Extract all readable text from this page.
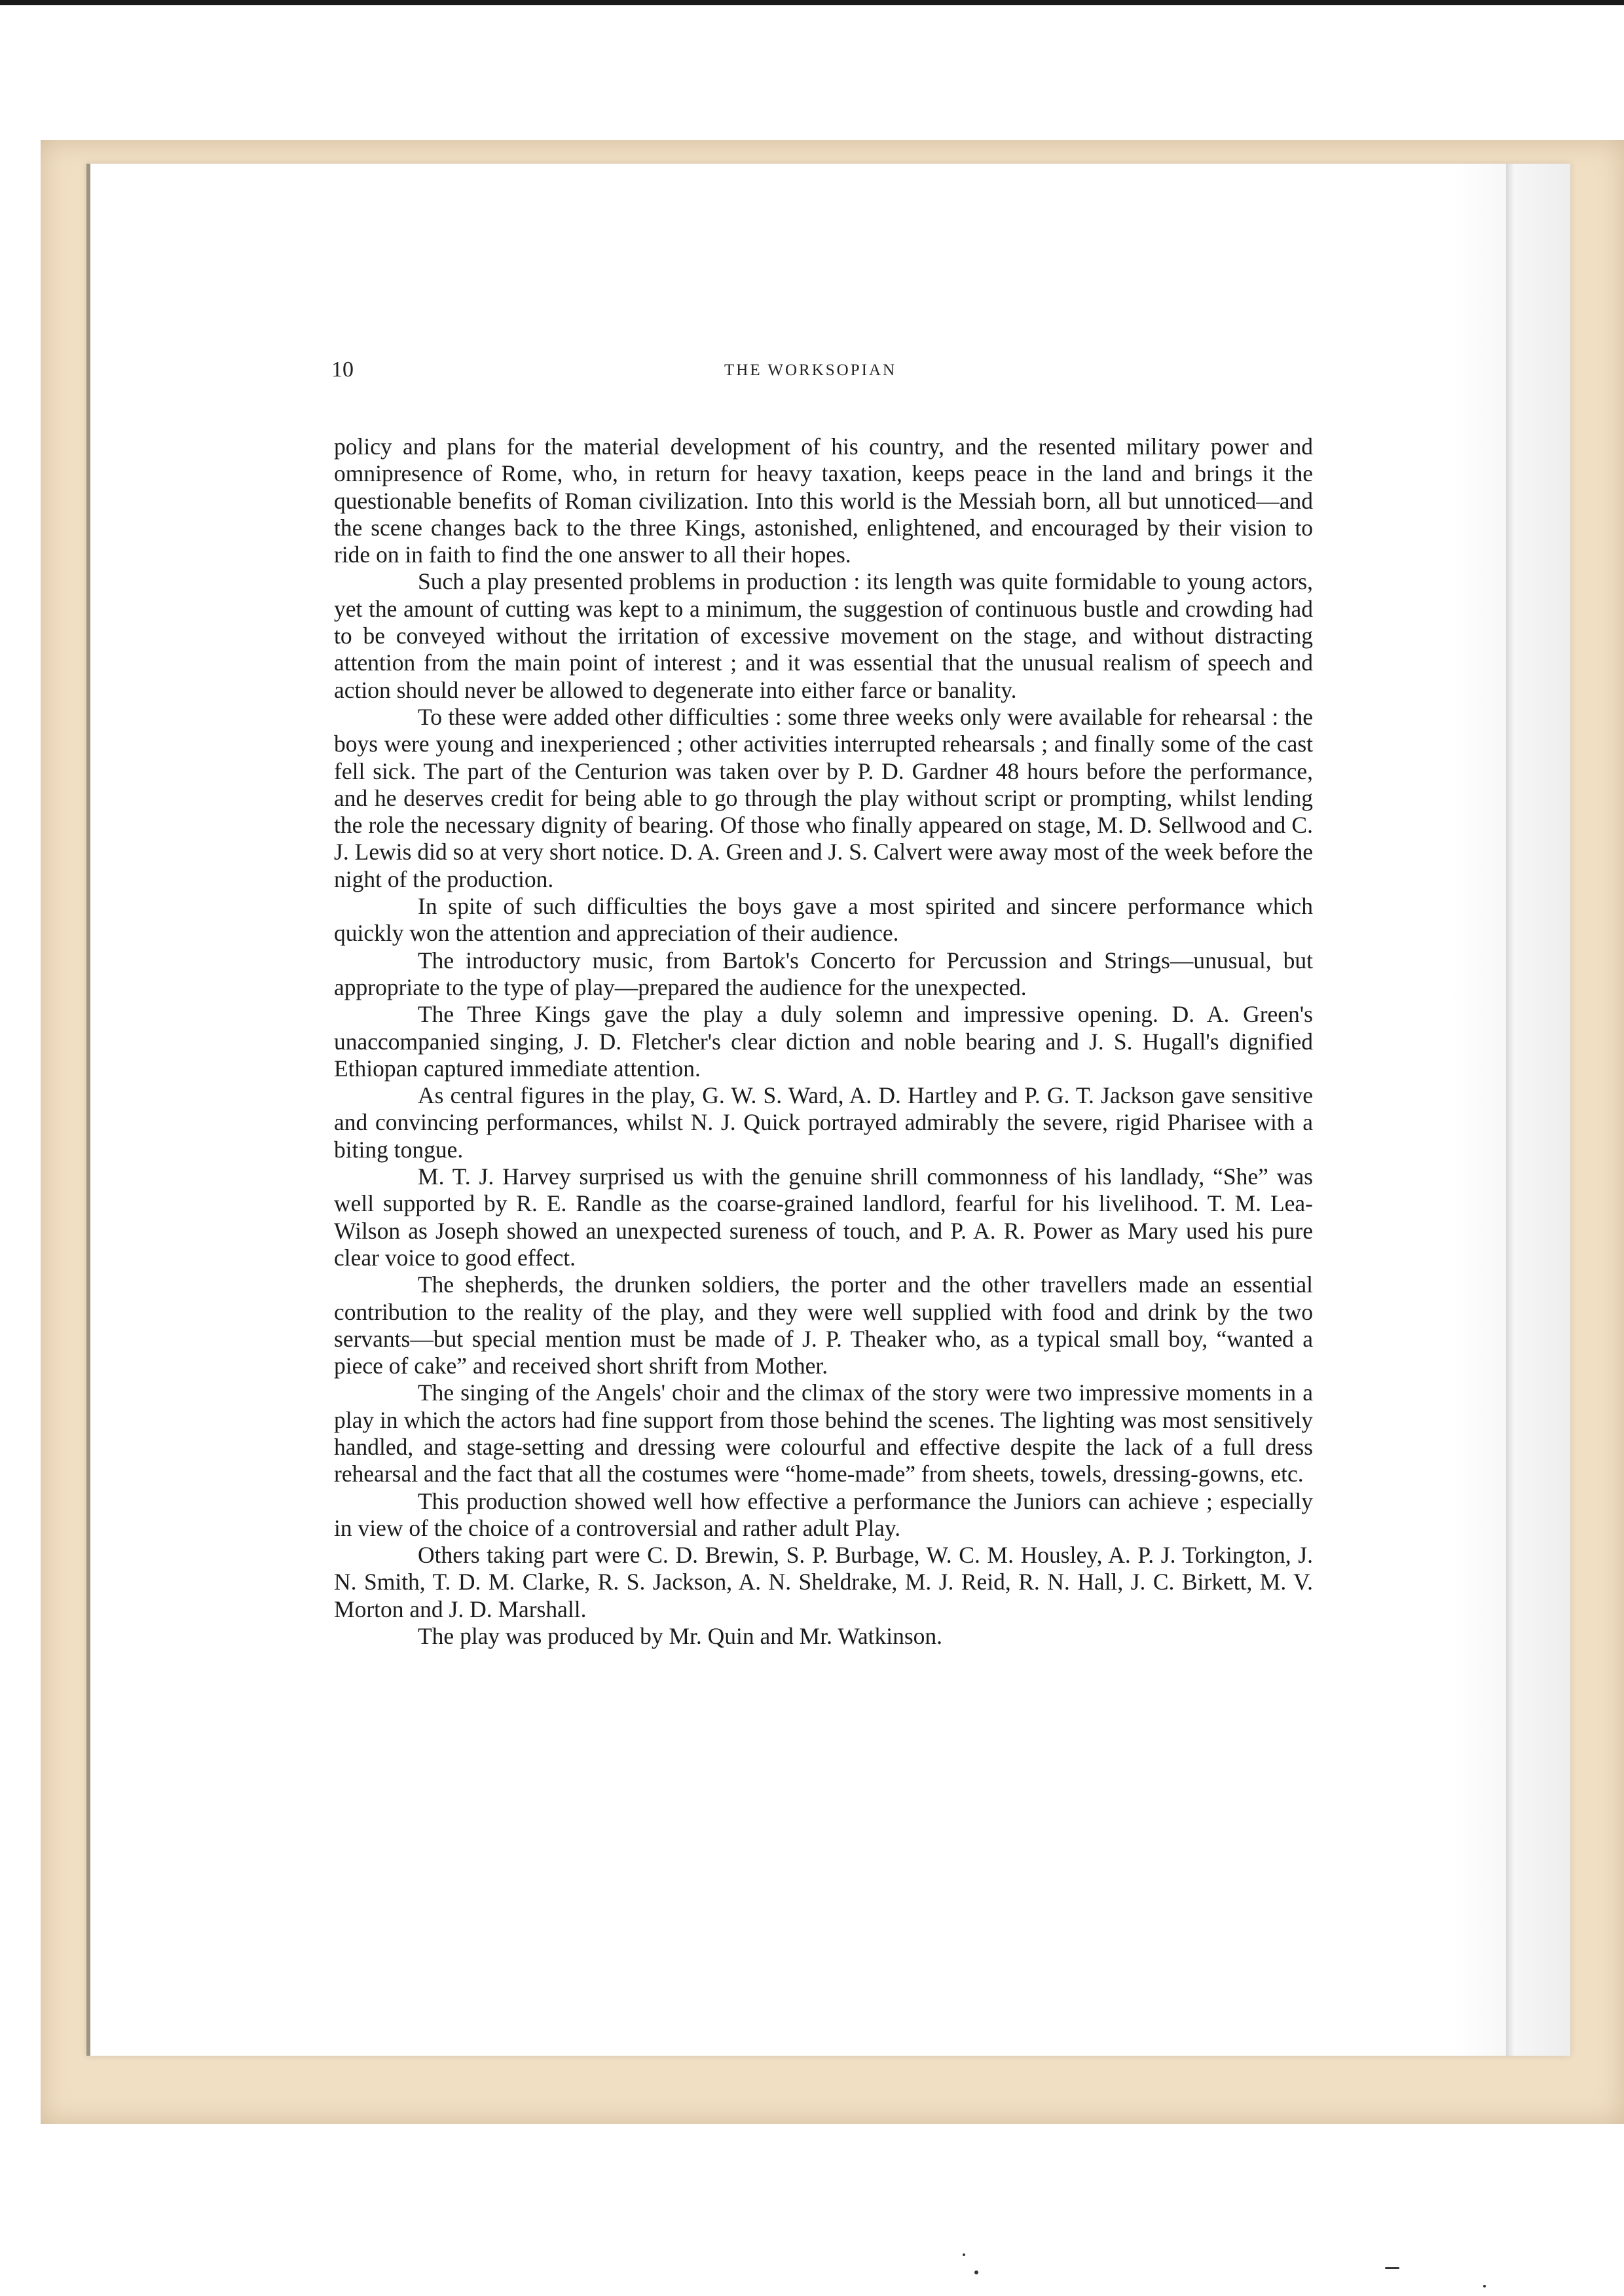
10	THE WORKSOPIAN

policy and plans for the material development of his country, and the resented military power and omnipresence of Rome, who, in return for heavy taxation, keeps peace in the land and brings it the questionable benefits of Roman civilization. Into this world is the Messiah born, all but unnoticed—and the scene changes back to the three Kings, astonished, enlightened, and encouraged by their vision to ride on in faith to find the one answer to all their hopes.

Such a play presented problems in production : its length was quite formidable to young actors, yet the amount of cutting was kept to a minimum, the suggestion of continuous bustle and crowding had to be conveyed without the irritation of excessive movement on the stage, and without distracting attention from the main point of interest ; and it was essential that the unusual realism of speech and action should never be allowed to degenerate into either farce or banality.

To these were added other difficulties : some three weeks only were available for rehearsal : the boys were young and inexperienced ; other activities interrupted rehearsals ; and finally some of the cast fell sick. The part of the Centurion was taken over by P. D. Gardner 48 hours before the performance, and he deserves credit for being able to go through the play without script or prompting, whilst lending the role the necessary dignity of bearing. Of those who finally appeared on stage, M. D. Sellwood and C. J. Lewis did so at very short notice. D. A. Green and J. S. Calvert were away most of the week before the night of the production.

In spite of such difficulties the boys gave a most spirited and sincere performance which quickly won the attention and appreciation of their audience.

The introductory music, from Bartok's Concerto for Percussion and Strings—unusual, but appropriate to the type of play—prepared the audience for the unexpected.

The Three Kings gave the play a duly solemn and impressive opening. D. A. Green's unaccompanied singing, J. D. Fletcher's clear diction and noble bearing and J. S. Hugall's dignified Ethiopan captured immediate attention.

As central figures in the play, G. W. S. Ward, A. D. Hartley and P. G. T. Jackson gave sensitive and convincing performances, whilst N. J. Quick portrayed admirably the severe, rigid Pharisee with a biting tongue.

M. T. J. Harvey surprised us with the genuine shrill commonness of his landlady, “She” was well supported by R. E. Randle as the coarse-grained landlord, fearful for his livelihood. T. M. Lea-Wilson as Joseph showed an unexpected sureness of touch, and P. A. R. Power as Mary used his pure clear voice to good effect.

The shepherds, the drunken soldiers, the porter and the other travellers made an essential contribution to the reality of the play, and they were well supplied with food and drink by the two servants—but special mention must be made of J. P. Theaker who, as a typical small boy, “wanted a piece of cake” and received short shrift from Mother.

The singing of the Angels' choir and the climax of the story were two impressive moments in a play in which the actors had fine support from those behind the scenes. The lighting was most sensitively handled, and stage-setting and dressing were colourful and effective despite the lack of a full dress rehearsal and the fact that all the costumes were “home-made” from sheets, towels, dressing-gowns, etc.

This production showed well how effective a performance the Juniors can achieve ; especially in view of the choice of a controversial and rather adult Play.

Others taking part were C. D. Brewin, S. P. Burbage, W. C. M. Housley, A. P. J. Torkington, J. N. Smith, T. D. M. Clarke, R. S. Jackson, A. N. Sheldrake, M. J. Reid, R. N. Hall, J. C. Birkett, M. V. Morton and J. D. Marshall.

The play was produced by Mr. Quin and Mr. Watkinson.
